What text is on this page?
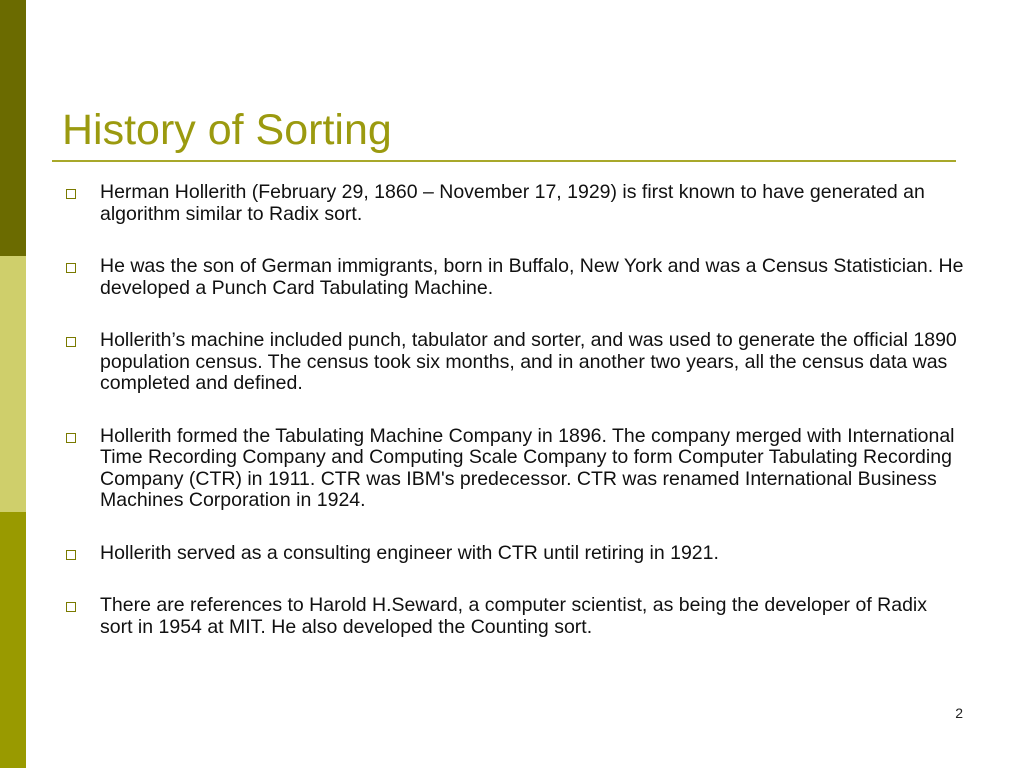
History of Sorting
Herman Hollerith (February 29, 1860 – November 17, 1929) is first known to have generated an algorithm similar to Radix sort.
He was the son of German immigrants, born in Buffalo, New York and was a Census Statistician. He developed a Punch Card Tabulating Machine.
Hollerith’s machine included punch, tabulator and sorter, and was used to generate the official 1890 population census. The census took six months, and in another two years, all the census data was completed and defined.
Hollerith formed the Tabulating Machine Company in 1896. The company merged with International Time Recording Company and Computing Scale Company to form Computer Tabulating Recording Company (CTR) in 1911. CTR was IBM's predecessor. CTR was renamed International Business Machines Corporation in 1924.
Hollerith served as a consulting engineer with CTR until retiring in 1921.
There are references to Harold H.Seward, a computer scientist, as being the developer of Radix sort in 1954 at MIT. He also developed the Counting sort.
2
